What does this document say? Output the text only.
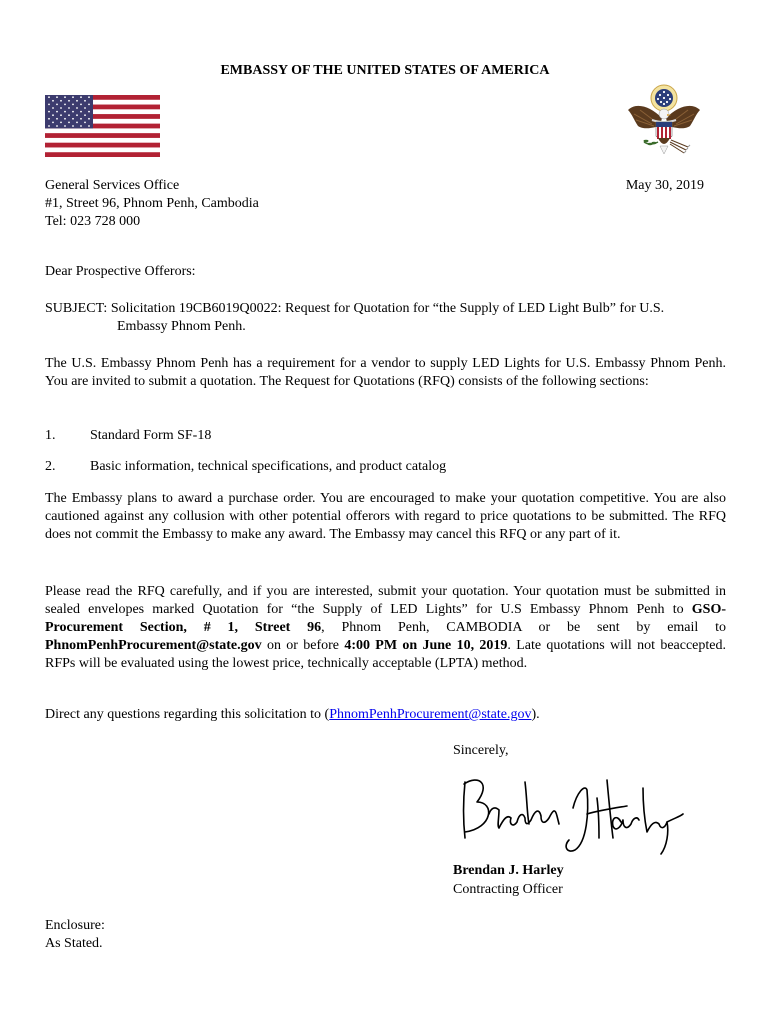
EMBASSY OF THE UNITED STATES OF AMERICA
General Services Office
#1, Street 96, Phnom Penh, Cambodia
Tel: 023 728 000
May 30, 2019
Dear Prospective Offerors:
SUBJECT: Solicitation 19CB6019Q0022: Request for Quotation for “the Supply of LED Light Bulb” for U.S.
Embassy Phnom Penh.
The U.S. Embassy Phnom Penh has a requirement for a vendor to supply LED Lights for U.S. Embassy Phnom Penh. You are invited to submit a quotation. The Request for Quotations (RFQ) consists of the following sections:
1. Standard Form SF-18
2. Basic information, technical specifications, and product catalog
The Embassy plans to award a purchase order. You are encouraged to make your quotation competitive. You are also cautioned against any collusion with other potential offerors with regard to price quotations to be submitted. The RFQ does not commit the Embassy to make any award. The Embassy may cancel this RFQ or any part of it.
Please read the RFQ carefully, and if you are interested, submit your quotation. Your quotation must be submitted in sealed envelopes marked Quotation for “the Supply of LED Lights” for U.S Embassy Phnom Penh to GSO-Procurement Section, # 1, Street 96, Phnom Penh, CAMBODIA or be sent by email to PhnomPenhProcurement@state.gov on or before 4:00 PM on June 10, 2019. Late quotations will not beaccepted. RFPs will be evaluated using the lowest price, technically acceptable (LPTA) method.
Direct any questions regarding this solicitation to (PhnomPenhProcurement@state.gov).
Sincerely,
Brendan J. Harley
Contracting Officer
Enclosure:
As Stated.
